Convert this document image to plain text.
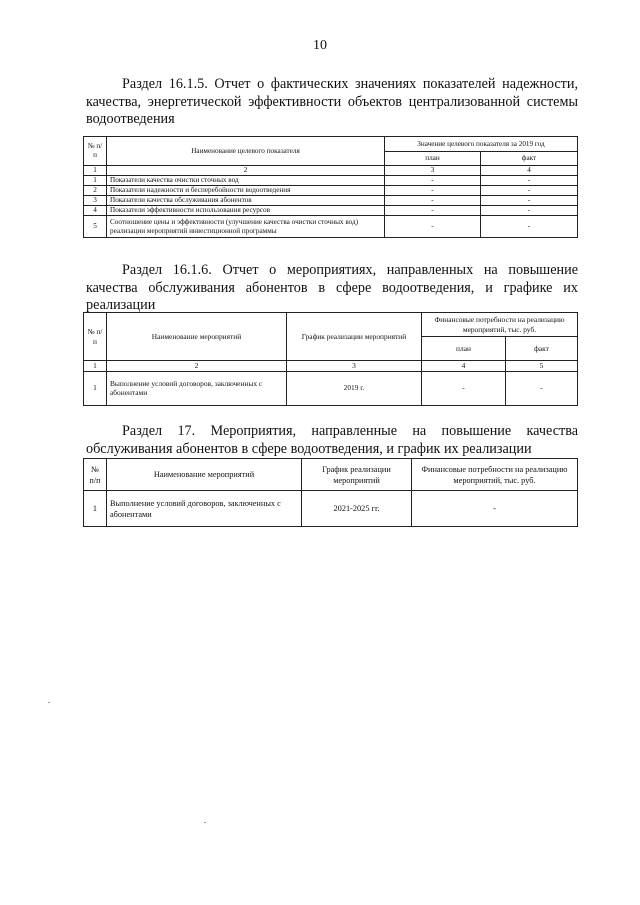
10
Раздел 16.1.5. Отчет о фактических значениях показателей надежности, качества, энергетической эффективности объектов централизованной системы водоотведения
№ п/п	Наименование целевого показателя	Значение целевого показателя за 2019 год	
		план	факт
1	2	3	4
1	Показатели качества очистки сточных вод	-	-
2	Показатели надежности и бесперебойности водоотведения	-	-
3	Показатели качества обслуживания абонентов	-	-
4	Показатели эффективности использования ресурсов	-	-
5	Соотношение цены и эффективности (улучшение качества очистки сточных вод) реализации мероприятий инвестиционной программы	-	-
Раздел 16.1.6. Отчет о мероприятиях, направленных на повышение качества обслуживания абонентов в сфере водоотведения, и графике их реализации
№ п/п	Наименование мероприятий	График реализации мероприятий	Финансовые потребности на реализацию мероприятий, тыс. руб.	
			план	факт
1	2	3	4	5
1	Выполнение условий договоров, заключенных с абонентами	2019 г.	-	-
Раздел 17. Мероприятия, направленные на повышение качества обслуживания абонентов в сфере водоотведения, и график их реализации
№ п/п	Наименование мероприятий	График реализации мероприятий	Финансовые потребности на реализацию мероприятий, тыс. руб.
1	Выполнение условий договоров, заключенных с абонентами	2021-2025 гг.	-
